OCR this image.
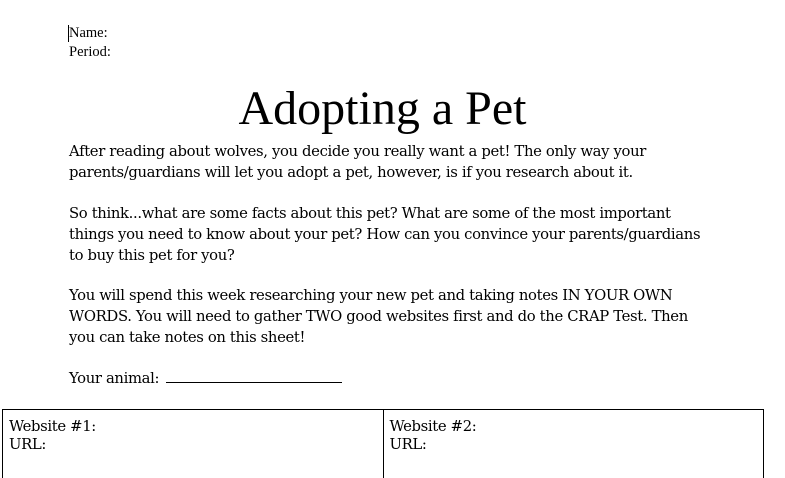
Name:
Period:
Adopting a Pet
After reading about wolves, you decide you really want a pet! The only way your parents/guardians will let you adopt a pet, however, is if you research about it.
So think...what are some facts about this pet? What are some of the most important things you need to know about your pet? How can you convince your parents/guardians to buy this pet for you?
You will spend this week researching your new pet and taking notes IN YOUR OWN WORDS. You will need to gather TWO good websites first and do the CRAP Test. Then you can take notes on this sheet!
Your animal:
Website #1:
URL:
Website #2:
URL:
